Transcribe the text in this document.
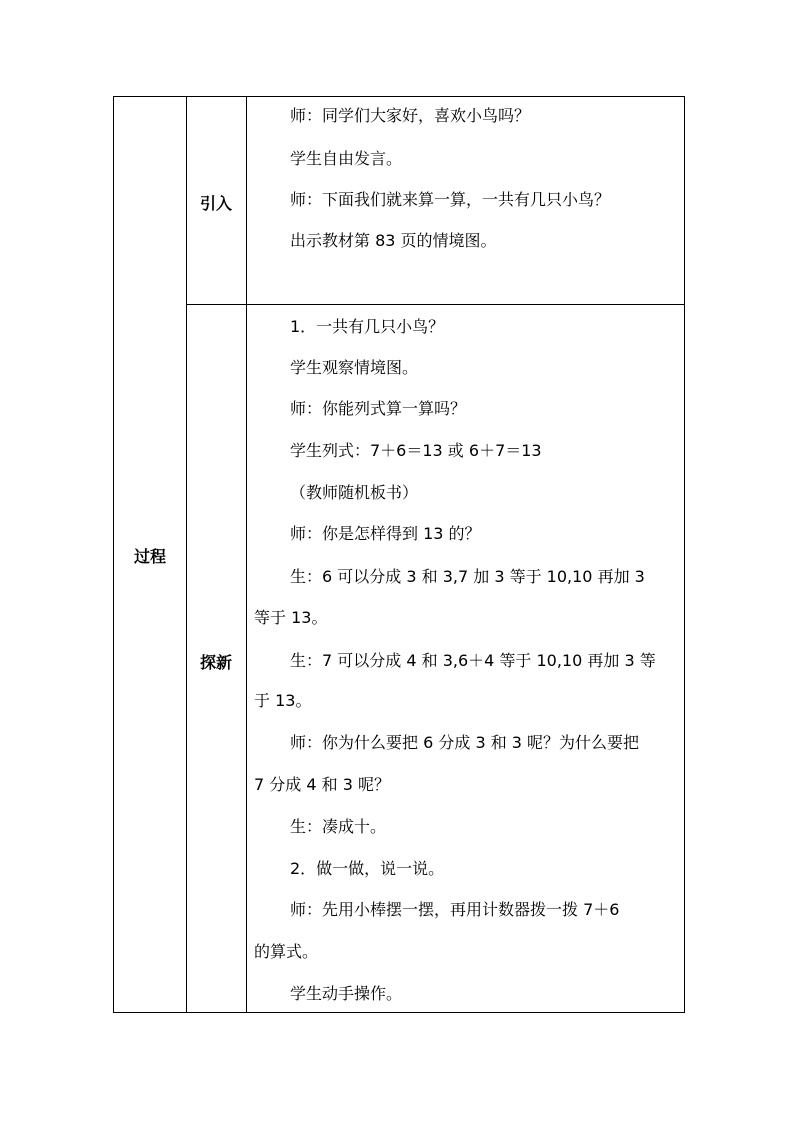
过程
引入
师：同学们大家好，喜欢小鸟吗？
学生自由发言。
师：下面我们就来算一算，一共有几只小鸟？
出示教材第 83 页的情境图。
探新
1．一共有几只小鸟？
学生观察情境图。
师：你能列式算一算吗？
学生列式：7＋6＝13 或 6＋7＝13
（教师随机板书）
师：你是怎样得到 13 的？
生：6 可以分成 3 和 3,7 加 3 等于 10,10 再加 3
等于 13。
生：7 可以分成 4 和 3,6＋4 等于 10,10 再加 3 等
于 13。
师：你为什么要把 6 分成 3 和 3 呢？为什么要把
7 分成 4 和 3 呢？
生：凑成十。
2．做一做，说一说。
师：先用小棒摆一摆，再用计数器拨一拨 7＋6
的算式。
学生动手操作。
